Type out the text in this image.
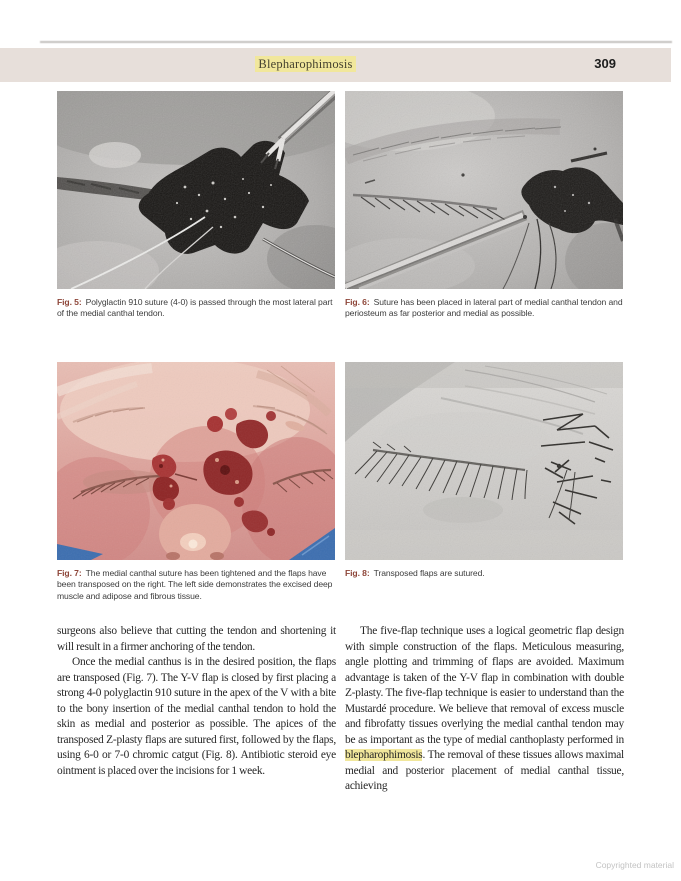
Blepharophimosis	309

Fig. 5: Polyglactin 910 suture (4-0) is passed through the most lateral part of the medial canthal tendon.

Fig. 6: Suture has been placed in lateral part of medial canthal tendon and periosteum as far posterior and medial as possible.

Fig. 7: The medial canthal suture has been tightened and the flaps have been transposed on the right. The left side demonstrates the excised deep muscle and adipose and fibrous tissue.

Fig. 8: Transposed flaps are sutured.

surgeons also believe that cutting the tendon and shortening it will result in a firmer anchoring of the tendon.

Once the medial canthus is in the desired position, the flaps are transposed (Fig. 7). The Y-V flap is closed by first placing a strong 4-0 polyglactin 910 suture in the apex of the V with a bite to the bony insertion of the medial canthal tendon to hold the skin as medial and posterior as possible. The apices of the transposed Z-plasty flaps are sutured first, followed by the flaps, using 6-0 or 7-0 chromic catgut (Fig. 8). Antibiotic steroid eye ointment is placed over the incisions for 1 week.

The five-flap technique uses a logical geometric flap design with simple construction of the flaps. Meticulous measuring, angle plotting and trimming of flaps are avoided. Maximum advantage is taken of the Y-V flap in combination with double Z-plasty. The five-flap technique is easier to understand than the Mustardé procedure. We believe that removal of excess muscle and fibrofatty tissues overlying the medial canthal tendon may be as important as the type of medial canthoplasty performed in blepharophimosis. The removal of these tissues allows maximal medial and posterior placement of medial canthal tissue, achieving

Copyrighted material
